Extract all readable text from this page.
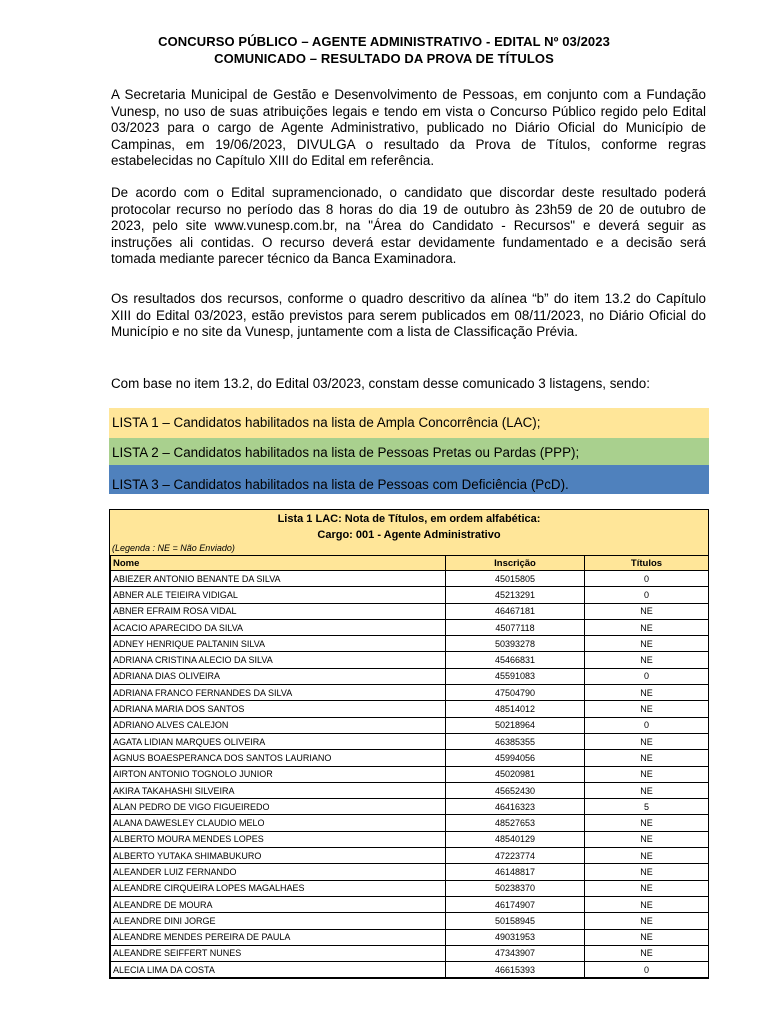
CONCURSO PÚBLICO – AGENTE ADMINISTRATIVO - EDITAL Nº 03/2023
COMUNICADO – RESULTADO DA PROVA DE TÍTULOS
A Secretaria Municipal de Gestão e Desenvolvimento de Pessoas, em conjunto com a Fundação Vunesp, no uso de suas atribuições legais e tendo em vista o Concurso Público regido pelo Edital 03/2023 para o cargo de Agente Administrativo, publicado no Diário Oficial do Município de Campinas, em 19/06/2023, DIVULGA o resultado da Prova de Títulos, conforme regras estabelecidas no Capítulo XIII do Edital em referência.
De acordo com o Edital supramencionado, o candidato que discordar deste resultado poderá protocolar recurso no período das 8 horas do dia 19 de outubro às 23h59 de 20 de outubro de 2023, pelo site www.vunesp.com.br, na "Área do Candidato - Recursos" e deverá seguir as instruções ali contidas. O recurso deverá estar devidamente fundamentado e a decisão será tomada mediante parecer técnico da Banca Examinadora.
Os resultados dos recursos, conforme o quadro descritivo da alínea “b” do item 13.2 do Capítulo XIII do Edital 03/2023, estão previstos para serem publicados em 08/11/2023, no Diário Oficial do Município e no site da Vunesp, juntamente com a lista de Classificação Prévia.
Com base no item 13.2, do Edital 03/2023, constam desse comunicado 3 listagens, sendo:
LISTA 1 – Candidatos habilitados na lista de Ampla Concorrência (LAC);
LISTA 2 – Candidatos habilitados na lista de Pessoas Pretas ou Pardas (PPP);
LISTA 3 – Candidatos habilitados na lista de Pessoas com Deficiência (PcD).
Lista 1 LAC: Nota de Títulos, em ordem alfabética:
Cargo: 001 - Agente Administrativo
(Legenda : NE = Não Enviado)
Nome	Inscrição	Títulos
ABIEZER ANTONIO BENANTE DA SILVA	45015805	0
ABNER ALE TEIEIRA VIDIGAL	45213291	0
ABNER EFRAIM ROSA VIDAL	46467181	NE
ACACIO APARECIDO DA SILVA	45077118	NE
ADNEY HENRIQUE PALTANIN SILVA	50393278	NE
ADRIANA CRISTINA ALECIO DA SILVA	45466831	NE
ADRIANA DIAS OLIVEIRA	45591083	0
ADRIANA FRANCO FERNANDES DA SILVA	47504790	NE
ADRIANA MARIA DOS SANTOS	48514012	NE
ADRIANO ALVES CALEJON	50218964	0
AGATA LIDIAN MARQUES OLIVEIRA	46385355	NE
AGNUS BOAESPERANCA DOS SANTOS LAURIANO	45994056	NE
AIRTON ANTONIO TOGNOLO JUNIOR	45020981	NE
AKIRA TAKAHASHI SILVEIRA	45652430	NE
ALAN PEDRO DE VIGO FIGUEIREDO	46416323	5
ALANA DAWESLEY CLAUDIO MELO	48527653	NE
ALBERTO MOURA MENDES LOPES	48540129	NE
ALBERTO YUTAKA SHIMABUKURO	47223774	NE
ALEANDER LUIZ FERNANDO	46148817	NE
ALEANDRE CIRQUEIRA LOPES MAGALHAES	50238370	NE
ALEANDRE DE MOURA	46174907	NE
ALEANDRE DINI JORGE	50158945	NE
ALEANDRE MENDES PEREIRA DE PAULA	49031953	NE
ALEANDRE SEIFFERT NUNES	47343907	NE
ALECIA LIMA DA COSTA	46615393	0
